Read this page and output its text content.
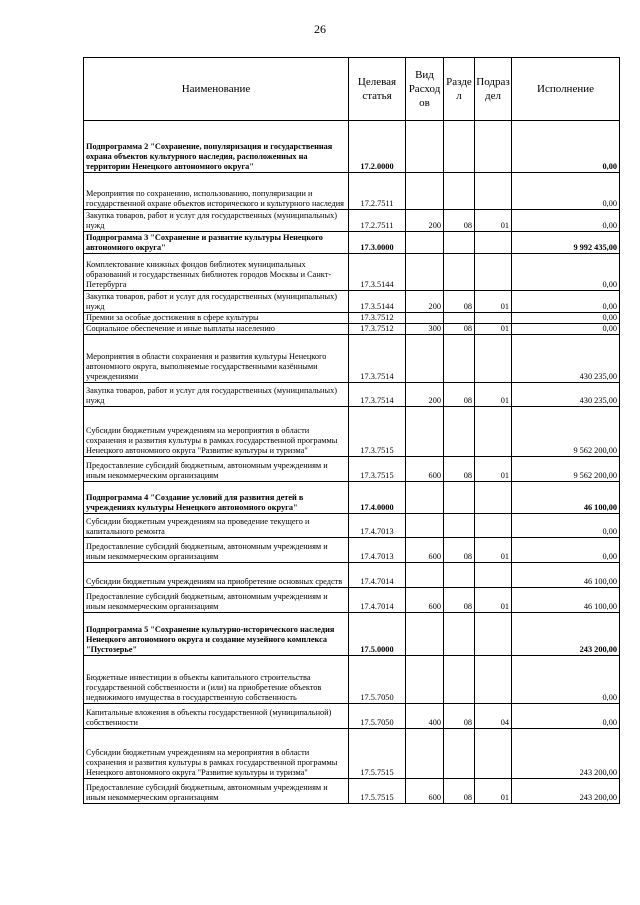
26
Наименование	Целевая статья	Вид Расход ов	Разде л	Подраз дел	Исполнение
Подпрограмма 2 "Сохранение, популяризация и государственная охрана объектов культурного наследия, расположенных на территории Ненецкого автономного округа"	17.2.0000				0,00
Мероприятия по сохранению, использованию, популяризации и государственной охране объектов исторического и культурного наследия	17.2.7511				0,00
Закупка товаров, работ и услуг для государственных (муниципальных) нужд	17.2.7511	200	08	01	0,00
Подпрограмма 3 "Сохранение и развитие культуры Ненецкого автономного округа"	17.3.0000				9 992 435,00
Комплектование книжных фондов библиотек муниципальных образований и государственных библиотек городов Москвы и Санкт-Петербурга	17.3.5144				0,00
Закупка товаров, работ и услуг для государственных (муниципальных) нужд	17.3.5144	200	08	01	0,00
Премии за особые достижения в сфере культуры	17.3.7512				0,00
Социальное обеспечение и иные выплаты населению	17.3.7512	300	08	01	0,00
Мероприятия в области сохранения и развития культуры Ненецкого автономного округа, выполняемые государственными казёнными учреждениями	17.3.7514				430 235,00
Закупка товаров, работ и услуг для государственных (муниципальных) нужд	17.3.7514	200	08	01	430 235,00
Субсидии бюджетным учреждениям на мероприятия в области сохранения и развития культуры в рамках государственной программы Ненецкого автономного округа "Развитие культуры и туризма"	17.3.7515				9 562 200,00
Предоставление субсидий бюджетным, автономным учреждениям и иным некоммерческим организациям	17.3.7515	600	08	01	9 562 200,00
Подпрограмма 4 "Создание условий для развития детей в учреждениях культуры Ненецкого автономного округа"	17.4.0000				46 100,00
Субсидии бюджетным учреждениям на проведение текущего и капитального ремонта	17.4.7013				0,00
Предоставление субсидий бюджетным, автономным учреждениям и иным некоммерческим организациям	17.4.7013	600	08	01	0,00
Субсидии бюджетным учреждениям на приобретение основных средств	17.4.7014				46 100,00
Предоставление субсидий бюджетным, автономным учреждениям и иным некоммерческим организациям	17.4.7014	600	08	01	46 100,00
Подпрограмма 5 "Сохранение культурно-исторического наследия Ненецкого автономного округа и создание музейного комплекса "Пустозерье"	17.5.0000				243 200,00
Бюджетные инвестиции в объекты капитального строительства государственной собственности и (или) на приобретение объектов недвижимого имущества в государственную собственность	17.5.7050				0,00
Капитальные вложения в объекты государственной (муниципальной) собственности	17.5.7050	400	08	04	0,00
Субсидии бюджетным учреждениям на мероприятия в области сохранения и развития культуры в рамках государственной программы Ненецкого автономного округа "Развитие культуры и туризма"	17.5.7515				243 200,00
Предоставление субсидий бюджетным, автономным учреждениям и иным некоммерческим организациям	17.5.7515	600	08	01	243 200,00
